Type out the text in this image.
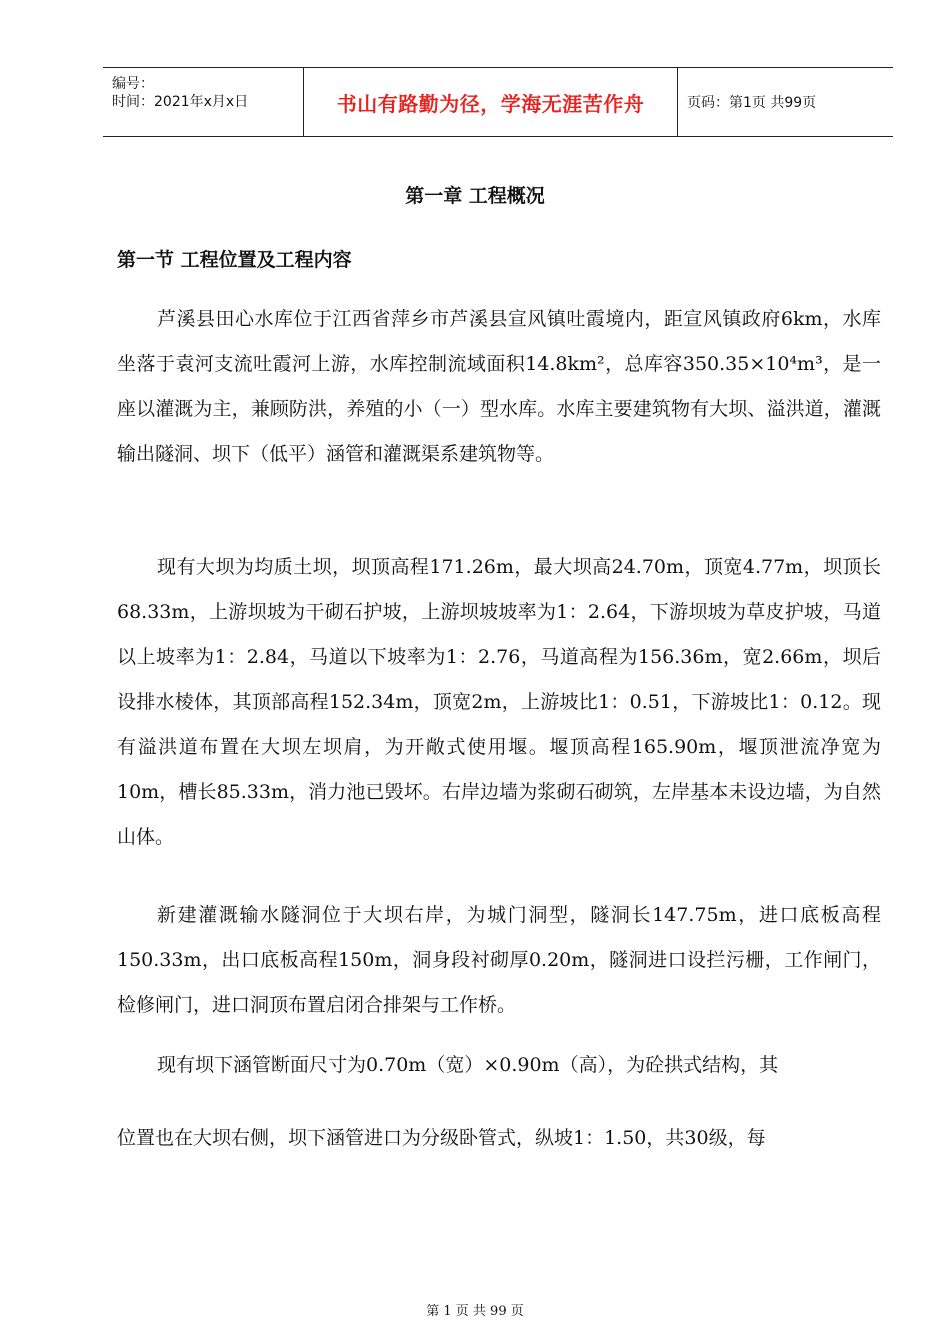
编号：
时间：2021年x月x日	书山有路勤为径，学海无涯苦作舟	页码：第1页 共99页
第一章 工程概况
第一节 工程位置及工程内容

芦溪县田心水库位于江西省萍乡市芦溪县宣风镇吐霞境内，距宣风镇政府6km，水库坐落于袁河支流吐霞河上游，水库控制流域面积14.8km²，总库容350.35×10⁴m³，是一座以灌溉为主，兼顾防洪，养殖的小（一）型水库。水库主要建筑物有大坝、溢洪道，灌溉输出隧洞、坝下（低平）涵管和灌溉渠系建筑物等。

现有大坝为均质土坝，坝顶高程171.26m，最大坝高24.70m，顶宽4.77m，坝顶长68.33m，上游坝坡为干砌石护坡，上游坝坡坡率为1：2.64，下游坝坡为草皮护坡，马道以上坡率为1：2.84，马道以下坡率为1：2.76，马道高程为156.36m，宽2.66m，坝后设排水棱体，其顶部高程152.34m，顶宽2m，上游坡比1：0.51，下游坡比1：0.12。现有溢洪道布置在大坝左坝肩，为开敞式使用堰。堰顶高程165.90m，堰顶泄流净宽为10m，槽长85.33m，消力池已毁坏。右岸边墙为浆砌石砌筑，左岸基本未设边墙，为自然山体。

新建灌溉输水隧洞位于大坝右岸，为城门洞型，隧洞长147.75m，进口底板高程150.33m，出口底板高程150m，洞身段衬砌厚0.20m，隧洞进口设拦污栅，工作闸门，检修闸门，进口洞顶布置启闭合排架与工作桥。

现有坝下涵管断面尺寸为0.70m（宽）×0.90m（高），为砼拱式结构，其

位置也在大坝右侧，坝下涵管进口为分级卧管式，纵坡1：1.50，共30级，每

第 1 页 共 99 页
